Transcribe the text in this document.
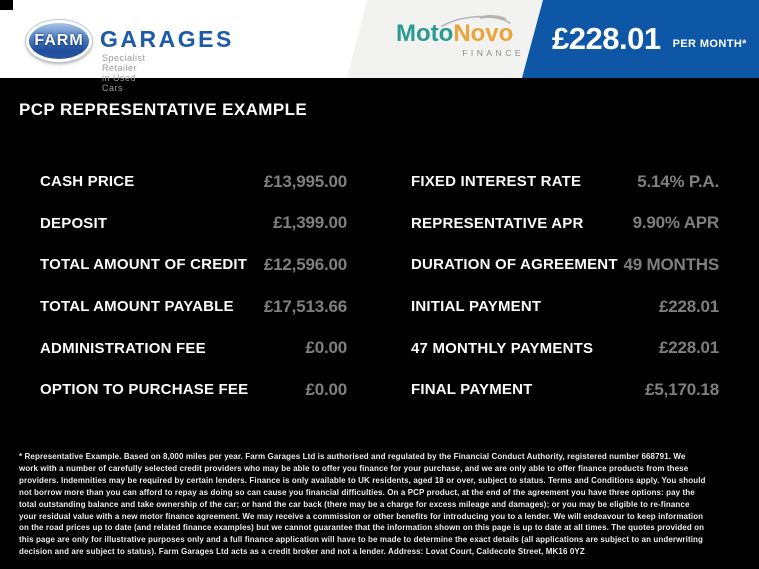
FARM GARAGES
Specialist Retailer in Used Cars
MotoNovo
FINANCE £228.01 PER MONTH*
PCP REPRESENTATIVE EXAMPLE
CASH PRICE	£13,995.00	FIXED INTEREST RATE	5.14% P.A.
DEPOSIT	£1,399.00	REPRESENTATIVE APR	9.90% APR
TOTAL AMOUNT OF CREDIT £12,596.00	DURATION OF AGREEMENT 49 MONTHS
TOTAL AMOUNT PAYABLE £17,513.66	INITIAL PAYMENT	£228.01
ADMINISTRATION FEE	£0.00	47 MONTHLY PAYMENTS	£228.01
OPTION TO PURCHASE FEE	£0.00	FINAL PAYMENT	£5,170.18
* Representative Example. Based on 8,000 miles per year. Farm Garages Ltd is authorised and regulated by the Financial Conduct Authority, registered number 668791. We work with a number of carefully selected credit providers who may be able to offer you finance for your purchase, and we are only able to offer finance products from these providers. Indemnities may be required by certain lenders. Finance is only available to UK residents, aged 18 or over, subject to status. Terms and Conditions apply. You should not borrow more than you can afford to repay as doing so can cause you financial difficulties. On a PCP product, at the end of the agreement you have three options: pay the total outstanding balance and take ownership of the car; or hand the car back (there may be a charge for excess mileage and damages); or you may be eligible to re-finance your residual value with a new motor finance agreement. We may receive a commission or other benefits for introducing you to a lender. We will endeavour to keep information on the road prices up to date (and related finance examples) but we cannot guarantee that the information shown on this page is up to date at all times. The quotes provided on this page are only for illustrative purposes only and a full finance application will have to be made to determine the exact details (all applications are subject to an underwriting decision and are subject to status). Farm Garages Ltd acts as a credit broker and not a lender. Address: Lovat Court, Caldecote Street, MK16 0YZ
